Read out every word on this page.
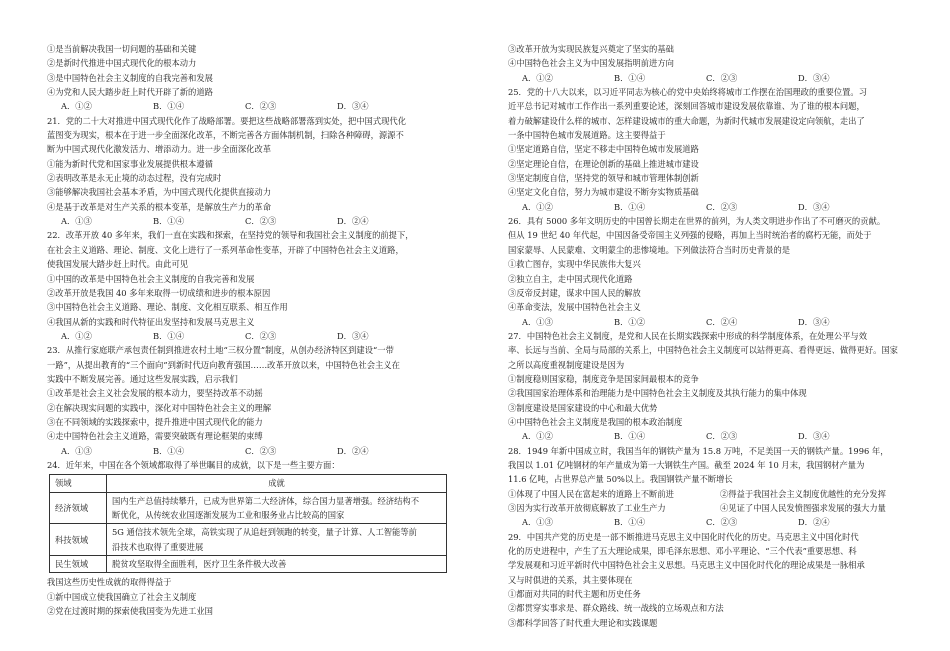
①是当前解决我国一切问题的基础和关键
②是新时代推进中国式现代化的根本动力
③是中国特色社会主义制度的自我完善和发展
④为党和人民大踏步赶上时代开辟了新的道路
A．①②	B．①④	C．②③	D．③④
21．党的二十大对推进中国式现代化作了战略部署。要把这些战略部署落到实处，把中国式现代化
蓝图变为现实，根本在于进一步全面深化改革，不断完善各方面体制机制，扫除各种障碍，源源不
断为中国式现代化激发活力、增添动力。进一步全面深化改革
①能为新时代党和国家事业发展提供根本遵循
②表明改革是永无止境的动态过程，没有完成时
③能够解决我国社会基本矛盾，为中国式现代化提供直接动力
④是基于改革是对生产关系的根本变革，是解放生产力的革命
A．①③	B．①④	C．②③	D．②④
22．改革开放 40 多年来，我们一直在实践和探索，在坚持党的领导和我国社会主义制度的前提下，
在社会主义道路、理论、制度、文化上进行了一系列革命性变革，开辟了中国特色社会主义道路，
使我国发展大踏步赶上时代。由此可见
①中国的改革是中国特色社会主义制度的自我完善和发展
②改革开放是我国 40 多年来取得一切成绩和进步的根本原因
③中国特色社会主义道路、理论、制度、文化相互联系、相互作用
④我国从新的实践和时代特征出发坚持和发展马克思主义
A．①②	B．①④	C．②③	D．③④
23．从推行家庭联产承包责任制到推进农村土地“三权分置”制度，从创办经济特区到建设“一带
一路”，从提出教育的“三个面向”到新时代迈向教育强国……改革开放以来，中国特色社会主义在
实践中不断发展完善。通过这些发展实践，启示我们
①改革是社会主义社会发展的根本动力，要坚持改革不动摇
②在解决现实问题的实践中，深化对中国特色社会主义的理解
③在不同领域的实践探索中，提升推进中国式现代化的能力
④走中国特色社会主义道路，需要突破既有理论框架的束缚
A．①③	B．①④	C．②③	D．②④
24．近年来，中国在各个领域都取得了举世瞩目的成就，以下是一些主要方面：
领域	成就
经济领域	国内生产总值持续攀升，已成为世界第二大经济体，综合国力显著增强。经济结构不
断优化，从传统农业国逐渐发展为工业和服务业占比较高的国家

科技领域	5G 通信技术领先全球，高铁实现了从追赶到领跑的转变，量子计算、人工智能等前
沿技术也取得了重要进展

民生领域	脱贫攻坚取得全面胜利，医疗卫生条件极大改善
我国这些历史性成就的取得得益于
①新中国成立使我国确立了社会主义制度
②党在过渡时期的探索使我国变为先进工业国
③改革开放为实现民族复兴奠定了坚实的基础
④中国特色社会主义为中国发展指明前进方向
A．①②	B．①④	C．②③	D．③④
25．党的十八大以来，以习近平同志为核心的党中央始终将城市工作摆在治国理政的重要位置。习
近平总书记对城市工作作出一系列重要论述，深刻回答城市建设发展依靠谁、为了谁的根本问题，
着力破解建设什么样的城市、怎样建设城市的重大命题，为新时代城市发展建设定向领航，走出了
一条中国特色城市发展道路。这主要得益于
①坚定道路自信，坚定不移走中国特色城市发展道路
②坚定理论自信，在理论创新的基础上推进城市建设
③坚定制度自信，坚持党的领导和城市管理体制创新
④坚定文化自信，努力为城市建设不断夯实物质基础
A．①②	B．①④	C．②③	D．③④
26．具有 5000 多年文明历史的中国曾长期走在世界的前列，为人类文明进步作出了不可磨灭的贡献。
但从 19 世纪 40 年代起，中国因备受帝国主义列强的侵略，再加上当时统治者的腐朽无能，而处于
国家蒙辱、人民蒙难、文明蒙尘的悲惨境地。下列做法符合当时历史背景的是
①救亡图存，实现中华民族伟大复兴
②独立自主，走中国式现代化道路
③反帝反封建，谋求中国人民的解放
④革命变法，发展中国特色社会主义
A．①③	B．①②	C．②④	D．③④
27．中国特色社会主义制度，是党和人民在长期实践探索中形成的科学制度体系，在处理公平与效
率、长远与当前、全局与局部的关系上，中国特色社会主义制度可以站得更高、看得更远、做得更好。国家
之所以高度重视制度建设是因为
①制度稳则国家稳，制度竞争是国家间最根本的竞争
②我国国家治理体系和治理能力是中国特色社会主义制度及其执行能力的集中体现
③制度建设是国家建设的中心和最大优势
④中国特色社会主义制度是我国的根本政治制度
A．①②	B．①④	C．②③	D．③④
28．1949 年新中国成立时，我国当年的钢铁产量为 15.8 万吨，不足美国一天的钢铁产量。1996 年，
我国以 1.01 亿吨钢材的年产量成为第一大钢铁生产国。截至 2024 年 10 月末，我国钢材产量为
11.6 亿吨，占世界总产量 50%以上。我国钢铁产量不断增长
①体现了中国人民在富起来的道路上不断前进	②得益于我国社会主义制度优越性的充分发挥
③因为实行改革开放彻底解放了工业生产力	④见证了中国人民发愤图强求发展的强大力量
A．①③	B．①④	C．②③	D．②④
29．中国共产党的历史是一部不断推进马克思主义中国化时代化的历史。马克思主义中国化时代
化的历史进程中，产生了五大理论成果，即毛泽东思想、邓小平理论、“三个代表”重要思想、科
学发展观和习近平新时代中国特色社会主义思想。马克思主义中国化时代化的理论成果是一脉相承
又与时俱进的关系，其主要体现在
①都面对共同的时代主题和历史任务
②都贯穿实事求是、群众路线、统一战线的立场观点和方法
③都科学回答了时代重大理论和实践课题
